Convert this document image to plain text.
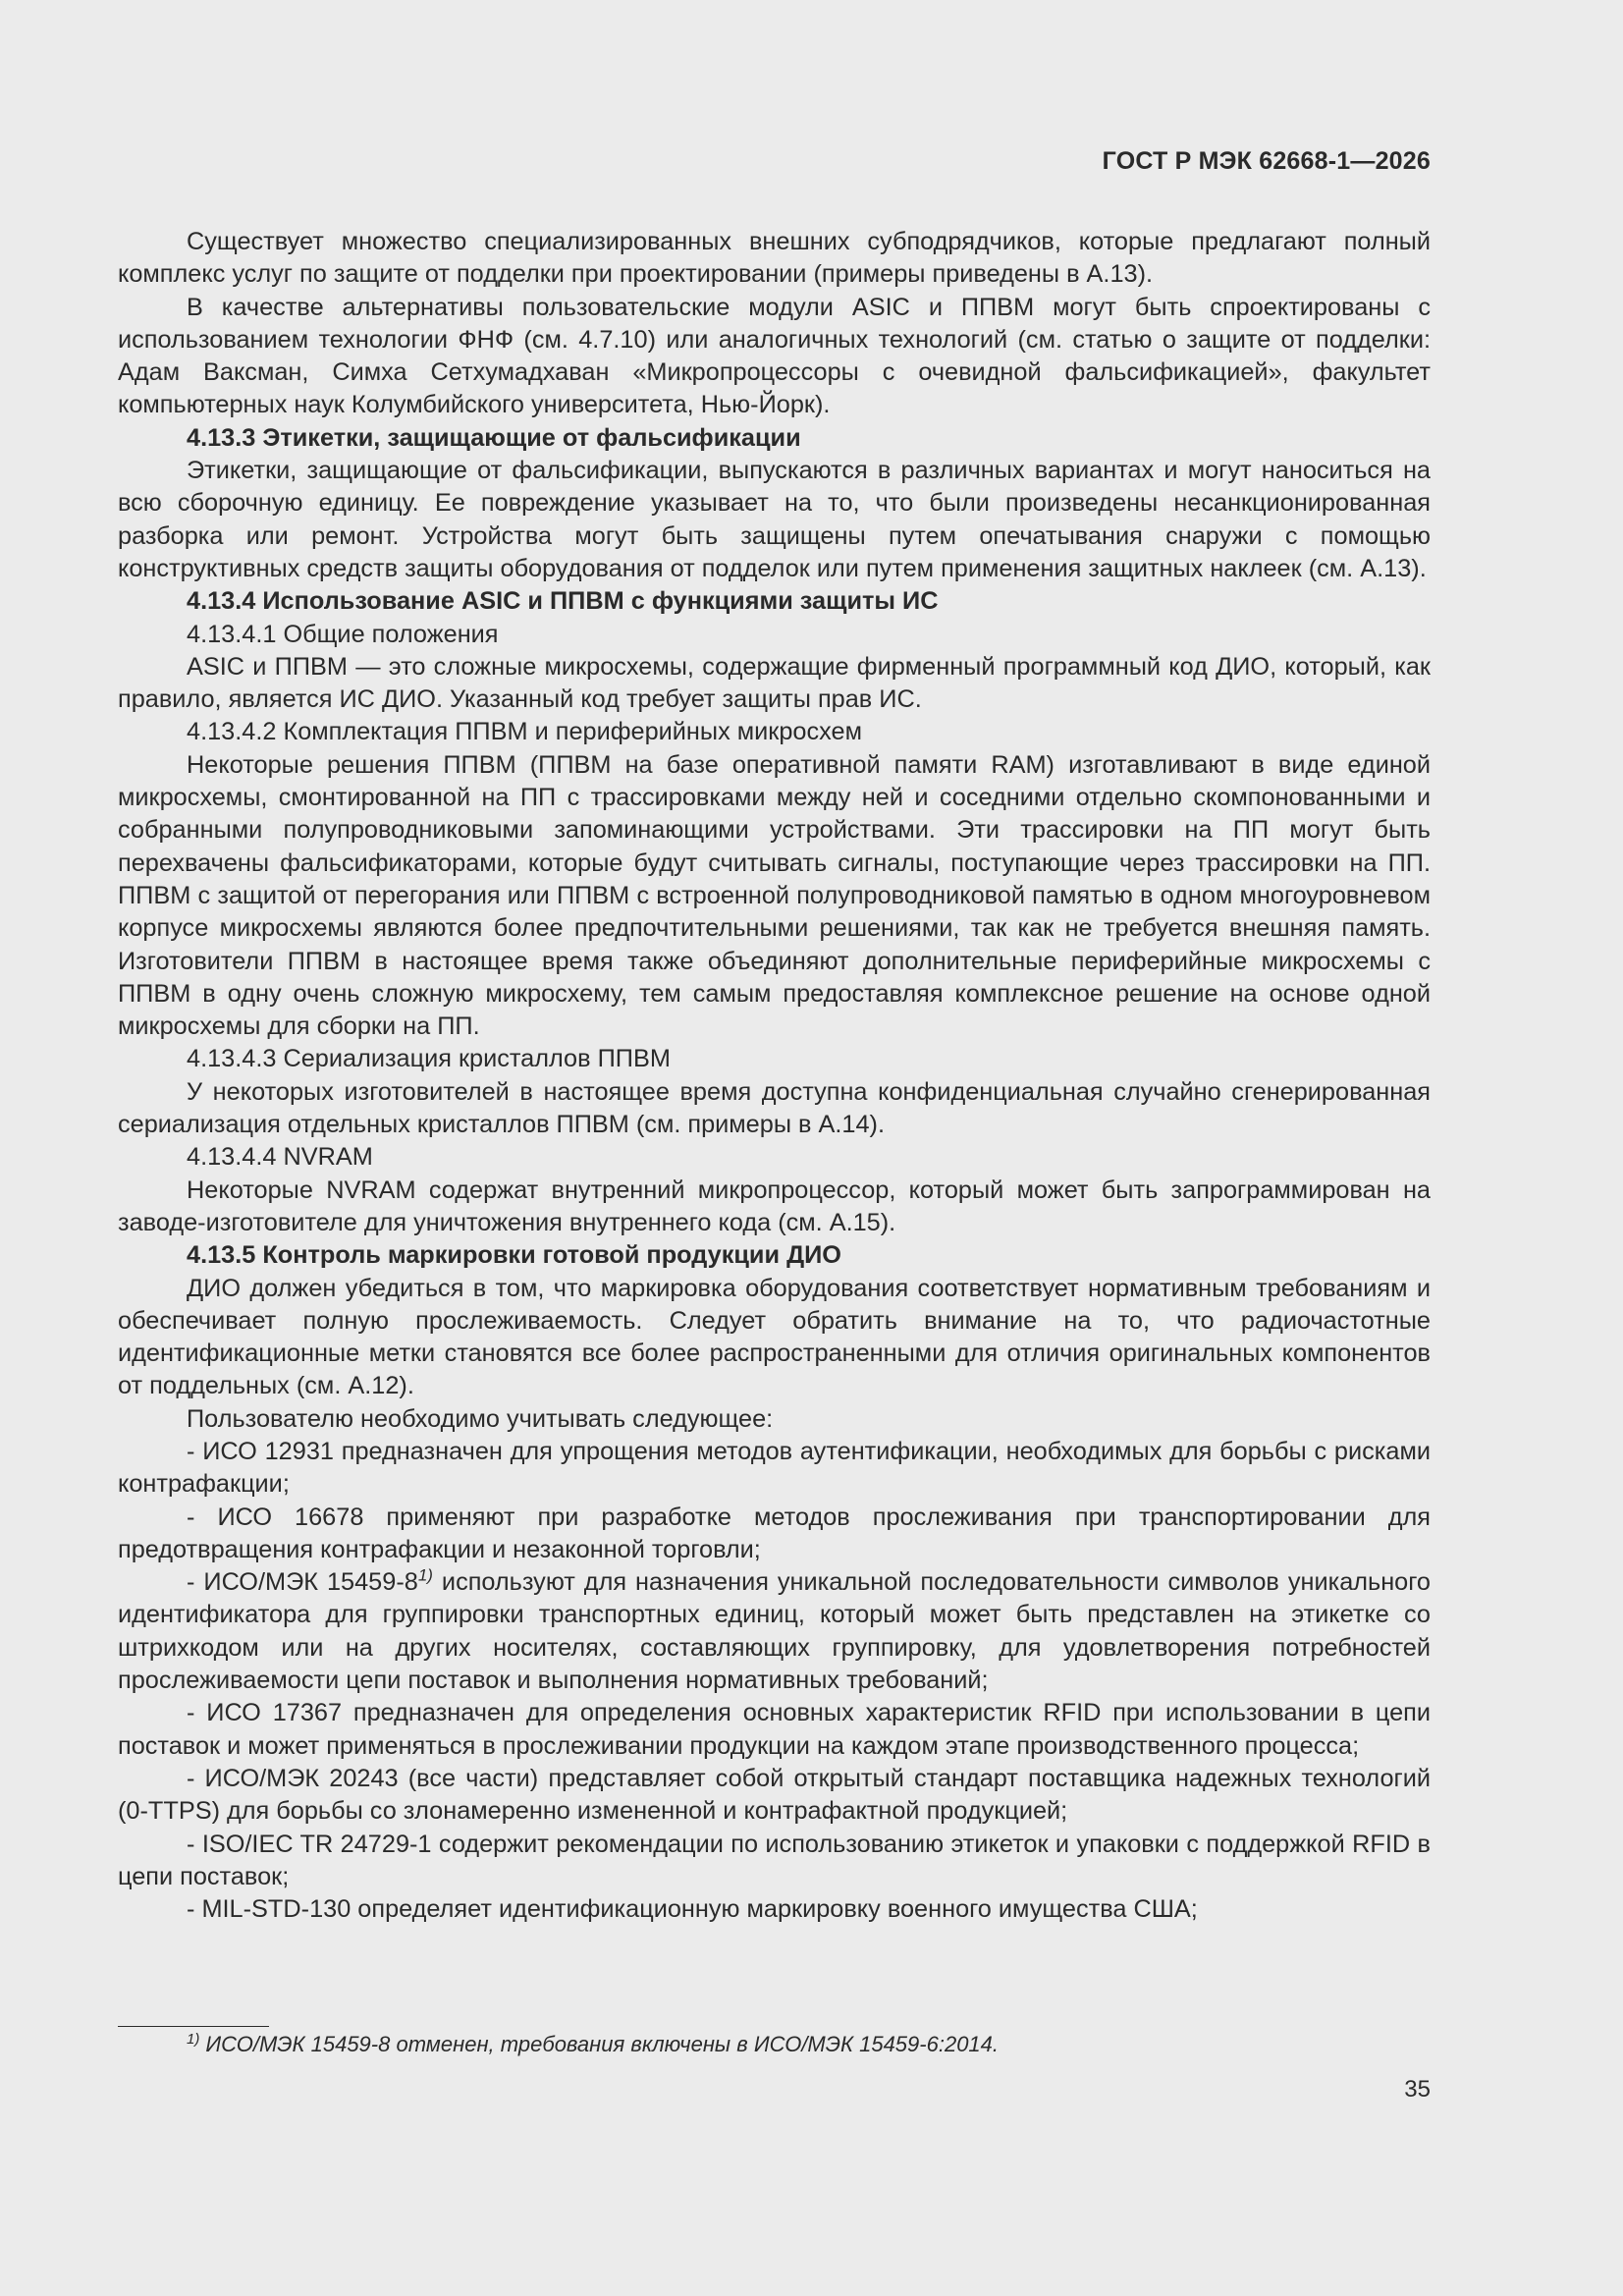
ГОСТ Р МЭК 62668-1—2026

Существует множество специализированных внешних субподрядчиков, которые предлагают полный комплекс услуг по защите от подделки при проектировании (примеры приведены в А.13).

В качестве альтернативы пользовательские модули ASIC и ППВМ могут быть спроектированы с использованием технологии ФНФ (см. 4.7.10) или аналогичных технологий (см. статью о защите от подделки: Адам Ваксман, Симха Сетхумадхаван «Микропроцессоры с очевидной фальсификацией», факультет компьютерных наук Колумбийского университета, Нью-Йорк).

4.13.3 Этикетки, защищающие от фальсификации

Этикетки, защищающие от фальсификации, выпускаются в различных вариантах и могут наноситься на всю сборочную единицу. Ее повреждение указывает на то, что были произведены несанкционированная разборка или ремонт. Устройства могут быть защищены путем опечатывания снаружи с помощью конструктивных средств защиты оборудования от подделок или путем применения защитных наклеек (см. А.13).

4.13.4 Использование ASIC и ППВМ с функциями защиты ИС

4.13.4.1 Общие положения

ASIC и ППВМ — это сложные микросхемы, содержащие фирменный программный код ДИО, который, как правило, является ИС ДИО. Указанный код требует защиты прав ИС.

4.13.4.2 Комплектация ППВМ и периферийных микросхем

Некоторые решения ППВМ (ППВМ на базе оперативной памяти RAM) изготавливают в виде единой микросхемы, смонтированной на ПП с трассировками между ней и соседними отдельно скомпонованными и собранными полупроводниковыми запоминающими устройствами. Эти трассировки на ПП могут быть перехвачены фальсификаторами, которые будут считывать сигналы, поступающие через трассировки на ПП. ППВМ с защитой от перегорания или ППВМ с встроенной полупроводниковой памятью в одном многоуровневом корпусе микросхемы являются более предпочтительными решениями, так как не требуется внешняя память. Изготовители ППВМ в настоящее время также объединяют дополнительные периферийные микросхемы с ППВМ в одну очень сложную микросхему, тем самым предоставляя комплексное решение на основе одной микросхемы для сборки на ПП.

4.13.4.3 Сериализация кристаллов ППВМ

У некоторых изготовителей в настоящее время доступна конфиденциальная случайно сгенерированная сериализация отдельных кристаллов ППВМ (см. примеры в А.14).

4.13.4.4 NVRAM

Некоторые NVRAM содержат внутренний микропроцессор, который может быть запрограммирован на заводе-изготовителе для уничтожения внутреннего кода (см. А.15).

4.13.5 Контроль маркировки готовой продукции ДИО

ДИО должен убедиться в том, что маркировка оборудования соответствует нормативным требованиям и обеспечивает полную прослеживаемость. Следует обратить внимание на то, что радиочастотные идентификационные метки становятся все более распространенными для отличия оригинальных компонентов от поддельных (см. А.12).

Пользователю необходимо учитывать следующее:

- ИСО 12931 предназначен для упрощения методов аутентификации, необходимых для борьбы с рисками контрафакции;

- ИСО 16678 применяют при разработке методов прослеживания при транспортировании для предотвращения контрафакции и незаконной торговли;

- ИСО/МЭК 15459-8$^{1)}$ используют для назначения уникальной последовательности символов уникального идентификатора для группировки транспортных единиц, который может быть представлен на этикетке со штрихкодом или на других носителях, составляющих группировку, для удовлетворения потребностей прослеживаемости цепи поставок и выполнения нормативных требований;

- ИСО 17367 предназначен для определения основных характеристик RFID при использовании в цепи поставок и может применяться в прослеживании продукции на каждом этапе производственного процесса;

- ИСО/МЭК 20243 (все части) представляет собой открытый стандарт поставщика надежных технологий (0-TTPS) для борьбы со злонамеренно измененной и контрафактной продукцией;

- ISO/IEC TR 24729-1 содержит рекомендации по использованию этикеток и упаковки с поддержкой RFID в цепи поставок;

- MIL-STD-130 определяет идентификационную маркировку военного имущества США;

$^{1)}$ ИСО/МЭК 15459-8 отменен, требования включены в ИСО/МЭК 15459-6:2014.
35
